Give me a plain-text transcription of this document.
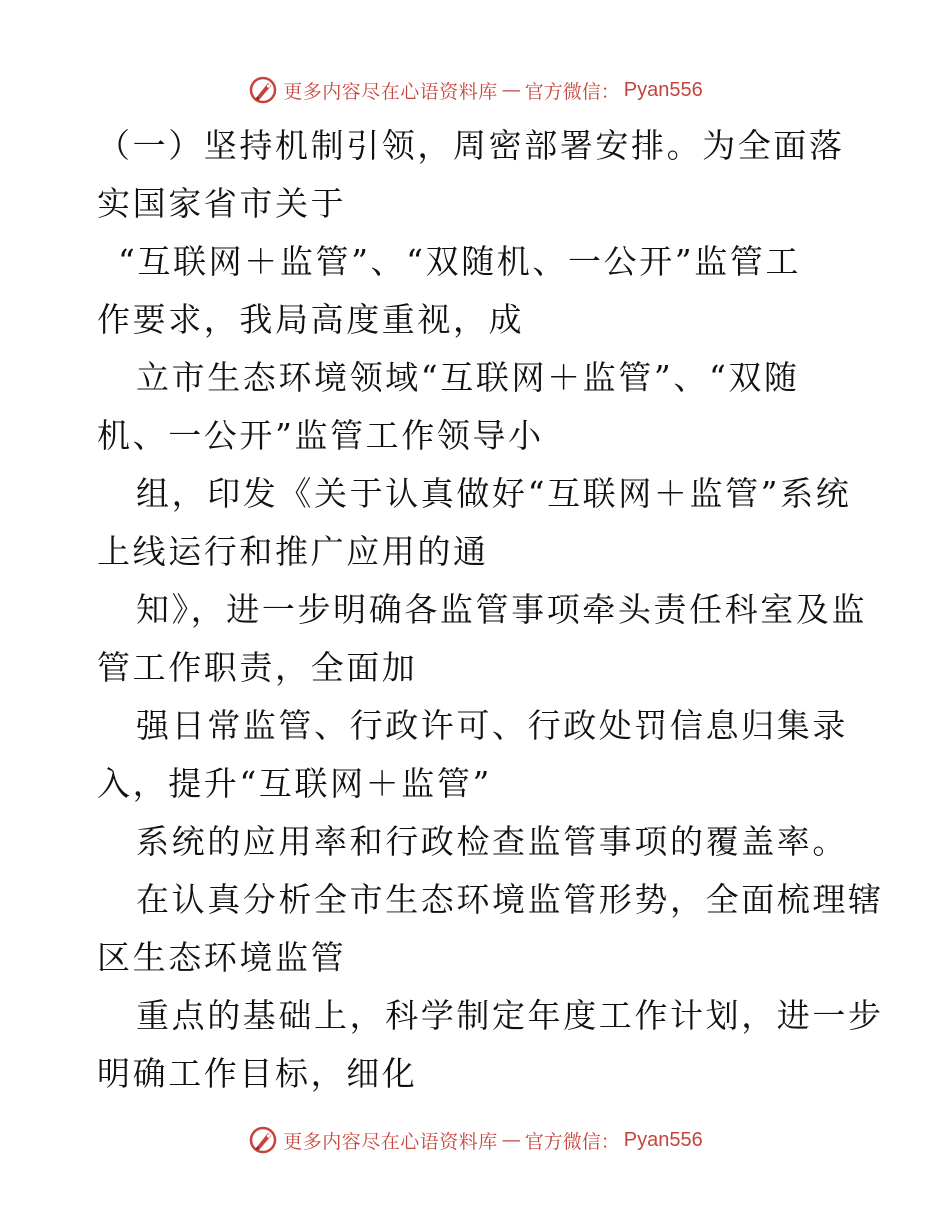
更多内容尽在心语资料库 — 官方微信： Pyan556
（一）坚持机制引领，周密部署安排。为全面落
实国家省市关于
“互联网＋监管”、“双随机、一公开”监管工
作要求，我局高度重视，成
立市生态环境领域“互联网＋监管”、“双随
机、一公开”监管工作领导小
组，印发《关于认真做好“互联网＋监管”系统
上线运行和推广应用的通
知》，进一步明确各监管事项牵头责任科室及监
管工作职责，全面加
强日常监管、行政许可、行政处罚信息归集录
入，提升“互联网＋监管”
系统的应用率和行政检查监管事项的覆盖率。
在认真分析全市生态环境监管形势，全面梳理辖
区生态环境监管
重点的基础上，科学制定年度工作计划，进一步
明确工作目标，细化
更多内容尽在心语资料库 — 官方微信： Pyan556
